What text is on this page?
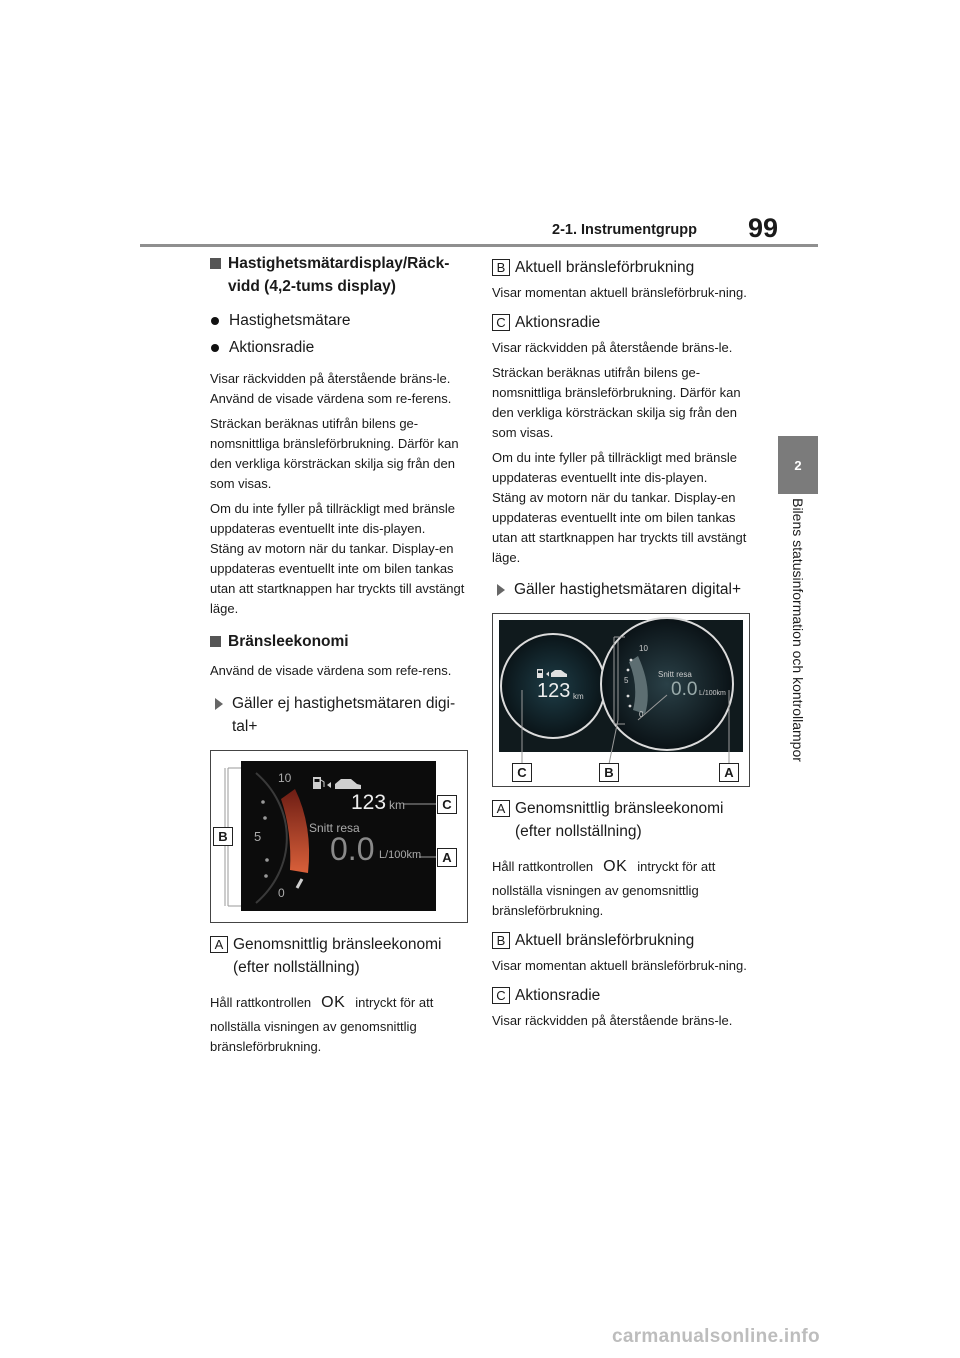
2-1. Instrumentgrupp 99
2
Bilens statusinformation och kontrollampor
Hastighetsmätardisplay/Räck-vidd (4,2-tums display)
Hastighetsmätare
Aktionsradie

Visar räckvidden på återstående bräns-le. Använd de visade värdena som re-ferens.

Sträckan beräknas utifrån bilens ge-nomsnittliga bränsleförbrukning. Därför kan den verkliga körsträckan skilja sig från den som visas.

Om du inte fyller på tillräckligt med bränsle uppdateras eventuellt inte dis-playen.

Stäng av motorn när du tankar. Display-en uppdateras eventuellt inte om bilen tankas utan att startknappen har tryckts till avstängt läge.

Bränsleekonomi

Använd de visade värdena som refe-rens.

Gäller ej hastighetsmätaren digi-tal+
10
5
0
123 km
Snitt resa
0.0 L/100km
C
B
A
A Genomsnittlig bränsleekonomi (efter nollställning)
Håll rattkontrollen OK intryckt för att

nollställa visningen av genomsnittlig bränsleförbrukning.

B Aktuell bränsleförbrukning

Visar momentan aktuell bränsleförbruk-ning.

C Aktionsradie

Visar räckvidden på återstående bräns-le.

Sträckan beräknas utifrån bilens ge-nomsnittliga bränsleförbrukning. Därför kan den verkliga körsträckan skilja sig från den som visas.

Om du inte fyller på tillräckligt med bränsle uppdateras eventuellt inte dis-playen.

Stäng av motorn när du tankar. Display-en uppdateras eventuellt inte om bilen tankas utan att startknappen har tryckts till avstängt läge.

Gäller hastighetsmätaren digital+
123 km
10
5
0
Snitt resa
0.0 L/100km
C	B	A
A Genomsnittlig bränsleekonomi (efter nollställning)
Håll rattkontrollen OK intryckt för att

nollställa visningen av genomsnittlig bränsleförbrukning.

B Aktuell bränsleförbrukning

Visar momentan aktuell bränsleförbruk-ning.

C Aktionsradie

Visar räckvidden på återstående bräns-le.

carmanualsonline.info
